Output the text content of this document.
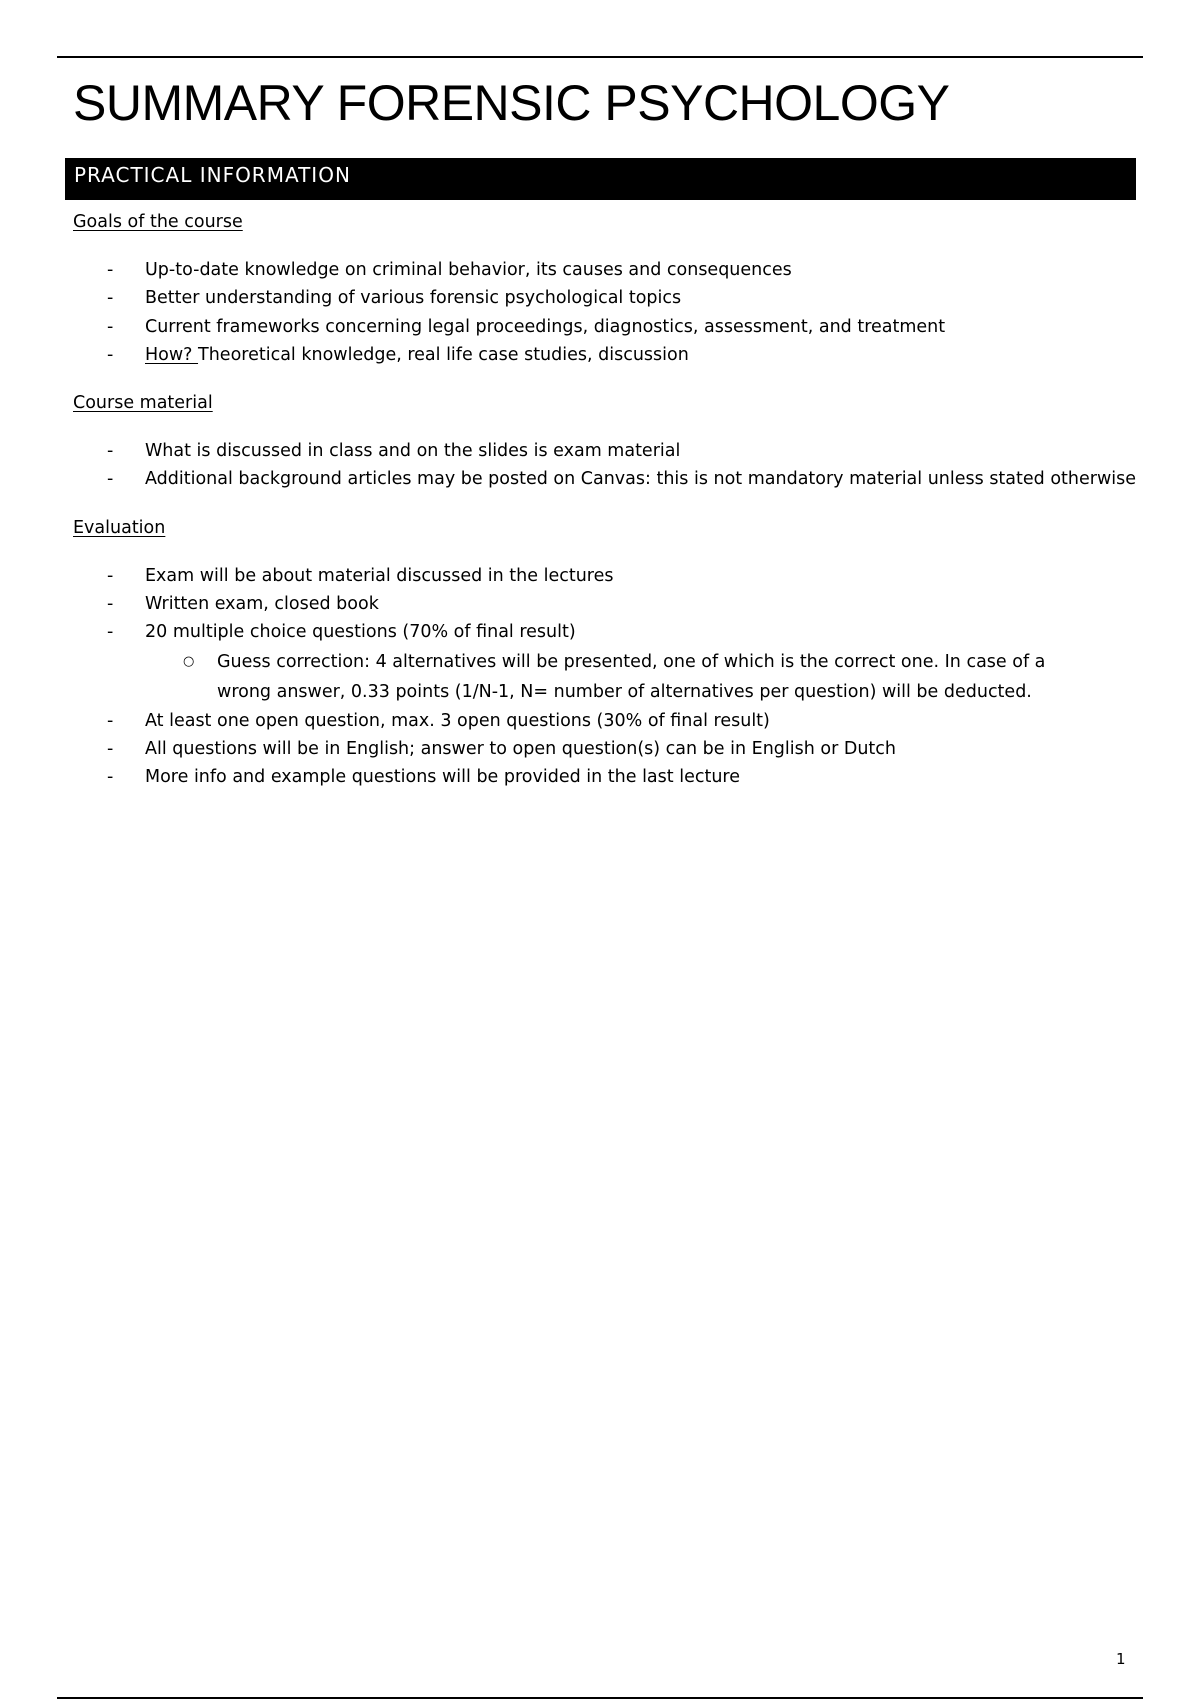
SUMMARY FORENSIC PSYCHOLOGY
PRACTICAL INFORMATION

Goals of the course

- Up-to-date knowledge on criminal behavior, its causes and consequences
- Better understanding of various forensic psychological topics
- Current frameworks concerning legal proceedings, diagnostics, assessment, and treatment
- How? Theoretical knowledge, real life case studies, discussion

Course material

- What is discussed in class and on the slides is exam material
- Additional background articles may be posted on Canvas: this is not mandatory material unless stated otherwise

Evaluation

- Exam will be about material discussed in the lectures
- Written exam, closed book
- 20 multiple choice questions (70% of final result)
○ Guess correction: 4 alternatives will be presented, one of which is the correct one. In case of a wrong answer, 0.33 points (1/N-1, N= number of alternatives per question) will be deducted.
- At least one open question, max. 3 open questions (30% of final result)
- All questions will be in English; answer to open question(s) can be in English or Dutch
- More info and example questions will be provided in the last lecture
1
